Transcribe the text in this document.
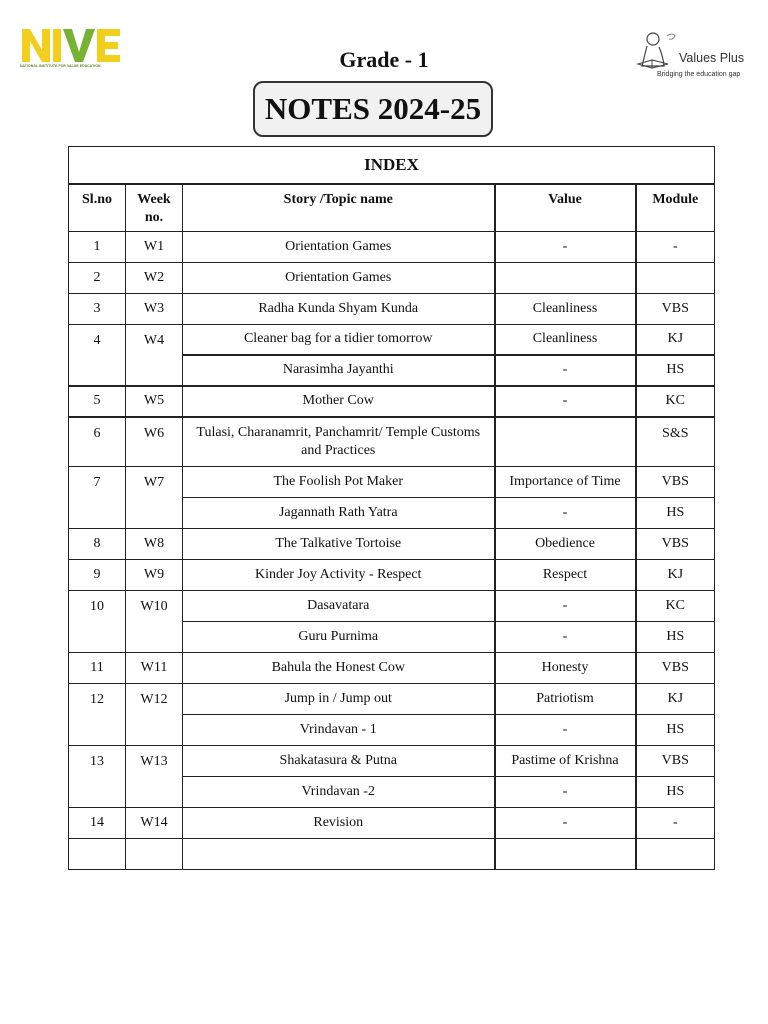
NATIONAL INSTITUTE FOR VALUE EDUCATION
Values Plus
Bridging the education gap
Grade - 1
NOTES 2024-25
INDEX				
Sl.no	Week no.	Story /Topic name	Value	Module
1	W1	Orientation Games	-	-
2	W2	Orientation Games		
3	W3	Radha Kunda Shyam Kunda	Cleanliness	VBS
4	W4	Cleaner bag for a tidier tomorrow	Cleanliness	KJ
		Narasimha Jayanthi	-	HS
5	W5	Mother Cow	-	KC
6	W6	Tulasi, Charanamrit, Panchamrit/ Temple Customs and Practices		S&S
7	W7	The Foolish Pot Maker	Importance of Time	VBS
		Jagannath Rath Yatra	-	HS
8	W8	The Talkative Tortoise	Obedience	VBS
9	W9	Kinder Joy Activity - Respect	Respect	KJ
10	W10	Dasavatara	-	KC
		Guru Purnima	-	HS
11	W11	Bahula the Honest Cow	Honesty	VBS
12	W12	Jump in / Jump out	Patriotism	KJ
		Vrindavan - 1	-	HS
13	W13	Shakatasura & Putna	Pastime of Krishna	VBS
		Vrindavan -2	-	HS
14	W14	Revision	-	-
